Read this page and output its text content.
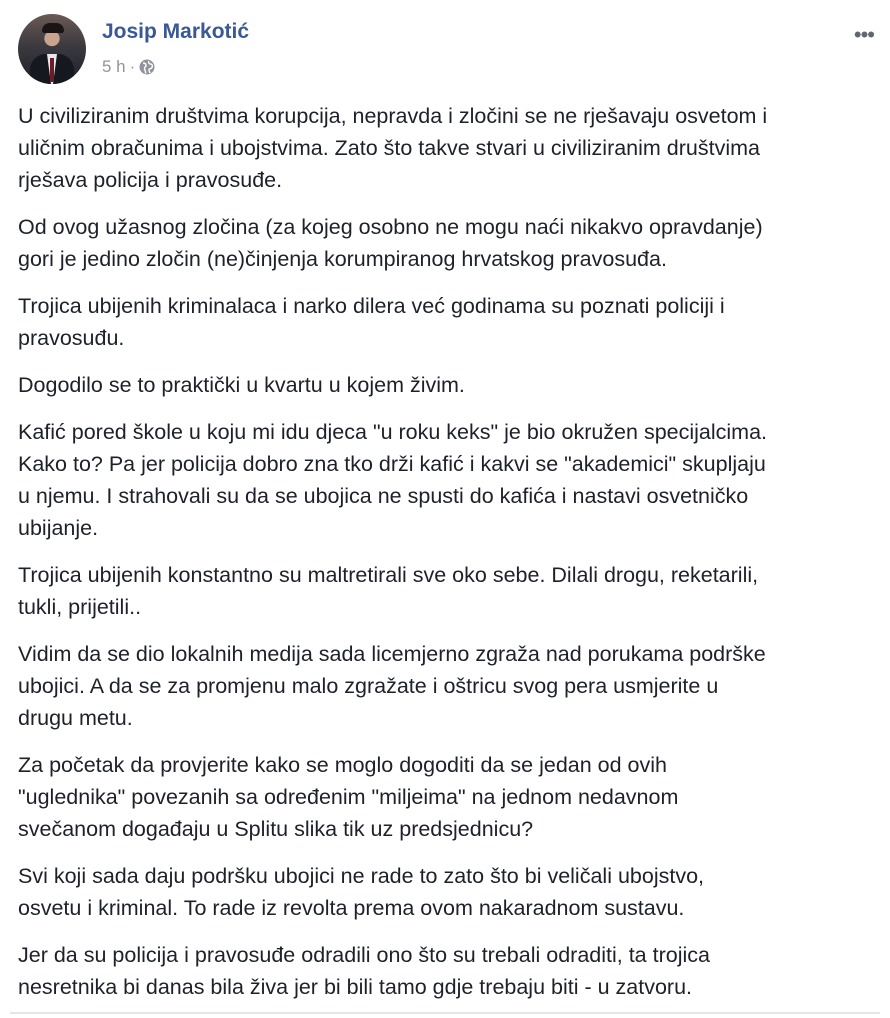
Josip Markotić
5 h ·
•••

U civiliziranim društvima korupcija, nepravda i zločini se ne rješavaju osvetom i
uličnim obračunima i ubojstvima. Zato što takve stvari u civiliziranim društvima
rješava policija i pravosuđe.

Od ovog užasnog zločina (za kojeg osobno ne mogu naći nikakvo opravdanje)
gori je jedino zločin (ne)činjenja korumpiranog hrvatskog pravosuđa.

Trojica ubijenih kriminalaca i narko dilera već godinama su poznati policiji i
pravosuđu.

Dogodilo se to praktički u kvartu u kojem živim.

Kafić pored škole u koju mi idu djeca "u roku keks" je bio okružen specijalcima.
Kako to? Pa jer policija dobro zna tko drži kafić i kakvi se "akademici" skupljaju
u njemu. I strahovali su da se ubojica ne spusti do kafića i nastavi osvetničko
ubijanje.

Trojica ubijenih konstantno su maltretirali sve oko sebe. Dilali drogu, reketarili,
tukli, prijetili..

Vidim da se dio lokalnih medija sada licemjerno zgraža nad porukama podrške
ubojici. A da se za promjenu malo zgražate i oštricu svog pera usmjerite u
drugu metu.

Za početak da provjerite kako se moglo dogoditi da se jedan od ovih
"uglednika" povezanih sa određenim "miljeima" na jednom nedavnom
svečanom događaju u Splitu slika tik uz predsjednicu?

Svi koji sada daju podršku ubojici ne rade to zato što bi veličali ubojstvo,
osvetu i kriminal. To rade iz revolta prema ovom nakaradnom sustavu.

Jer da su policija i pravosuđe odradili ono što su trebali odraditi, ta trojica
nesretnika bi danas bila živa jer bi bili tamo gdje trebaju biti - u zatvoru.
